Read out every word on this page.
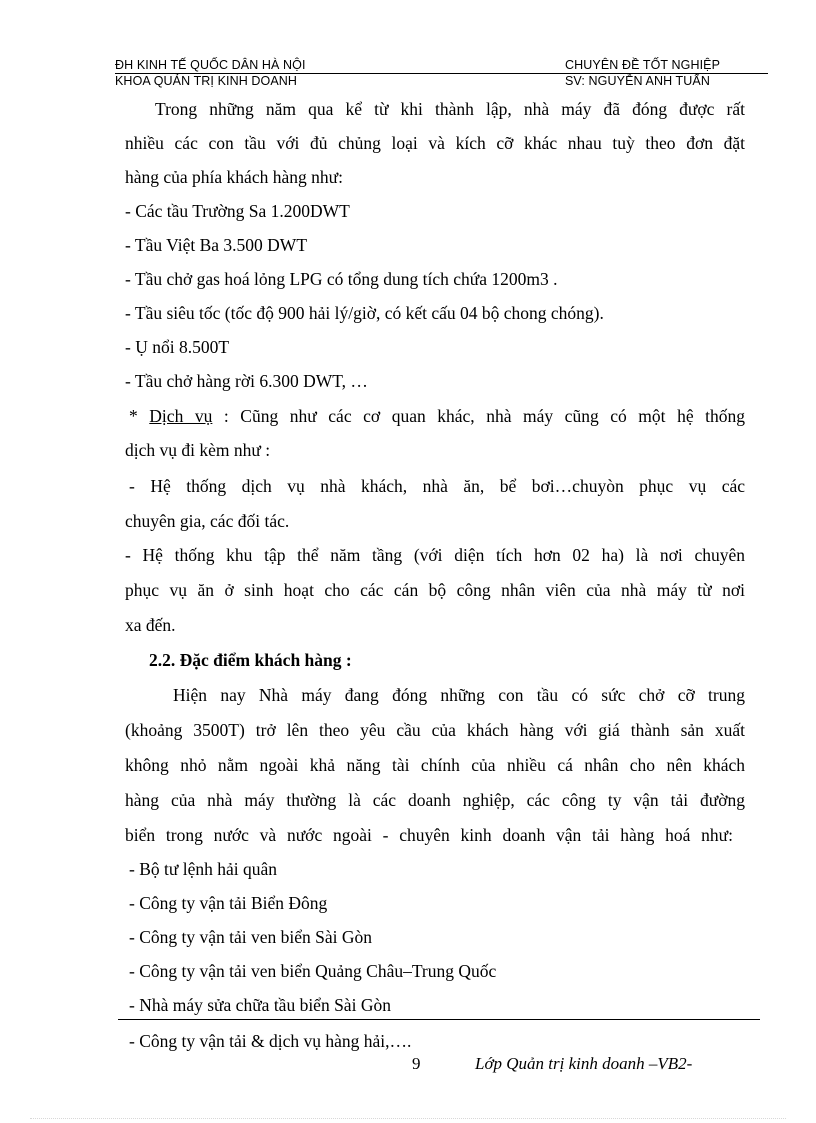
ĐH KINH TẾ QUỐC DÂN HÀ NỘI
KHOA QUẢN TRỊ KINH DOANH
CHUYÊN ĐỀ TỐT NGHIỆP
SV: NGUYỄN ANH TUẤN
Trong những năm qua kể từ khi thành lập, nhà máy đã đóng được rất
nhiều các con tầu với đủ chủng loại và kích cỡ khác nhau tuỳ theo đơn đặt
hàng của phía khách hàng như:
- Các tầu Trường Sa 1.200DWT
- Tầu Việt Ba 3.500 DWT
- Tầu chở gas hoá lỏng LPG có tổng dung tích chứa 1200m3 .
- Tầu siêu tốc (tốc độ 900 hải lý/giờ, có kết cấu 04 bộ chong chóng).
- Ụ nổi 8.500T
- Tầu chở hàng rời 6.300 DWT, …
* Dịch vụ : Cũng như các cơ quan khác, nhà máy cũng có một hệ thống
dịch vụ đi kèm như :
- Hệ thống dịch vụ nhà khách, nhà ăn, bể bơi…chuyòn phục vụ các
chuyên gia, các đối tác.
- Hệ thống khu tập thể năm tầng (với diện tích hơn 02 ha) là nơi chuyên
phục vụ ăn ở sinh hoạt cho các cán bộ công nhân viên của nhà máy từ nơi
xa đến.
2.2. Đặc điểm khách hàng :
Hiện nay Nhà máy đang đóng những con tầu có sức chở cỡ trung
(khoảng 3500T) trở lên theo yêu cầu của khách hàng với giá thành sản xuất
không nhỏ nằm ngoài khả năng tài chính của nhiều cá nhân cho nên khách
hàng của nhà máy thường là các doanh nghiệp, các công ty vận tải đường
biển trong nước và nước ngoài - chuyên kinh doanh vận tải hàng hoá như:
- Bộ tư lệnh hải quân
- Công ty vận tải Biển Đông
- Công ty vận tải ven biển Sài Gòn
- Công ty vận tải ven biển Quảng Châu–Trung Quốc
- Nhà máy sửa chữa tầu biển Sài Gòn
- Công ty vận tải & dịch vụ hàng hải,….
9	Lớp Quản trị kinh doanh –VB2-
